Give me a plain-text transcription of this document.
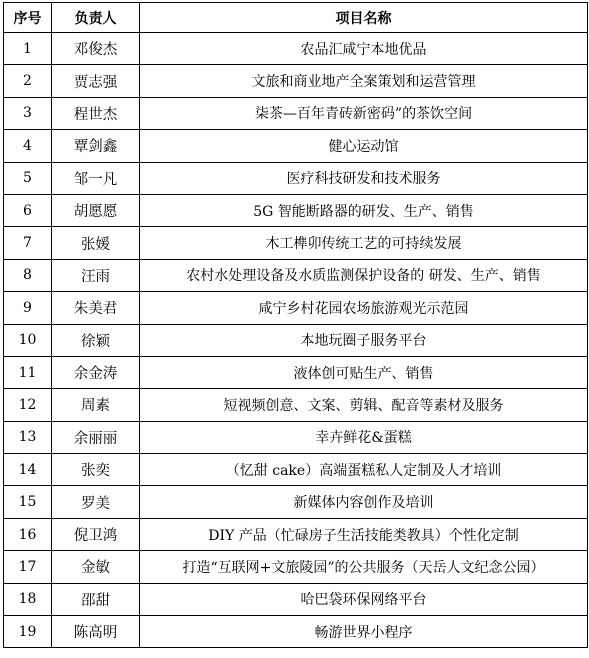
序号	负责人	项目名称
1	邓俊杰	农品汇咸宁本地优品
2	贾志强	文旅和商业地产全案策划和运营管理
3	程世杰	柒茶—百年青砖新密码”的茶饮空间
4	覃剑鑫	健心运动馆
5	邹一凡	医疗科技研发和技术服务
6	胡愿愿	5G 智能断路器的研发、生产、销售
7	张媛	木工榫卯传统工艺的可持续发展
8	汪雨	农村水处理设备及水质监测保护设备的 研发、生产、销售
9	朱美君	咸宁乡村花园农场旅游观光示范园
10	徐颖	本地玩圈子服务平台
11	余金涛	液体创可贴生产、销售
12	周素	短视频创意、文案、剪辑、配音等素材及服务
13	余丽丽	幸卉鲜花&蛋糕
14	张奕	（忆甜 cake）高端蛋糕私人定制及人才培训
15	罗美	新媒体内容创作及培训
16	倪卫鸿	DIY 产品（忙碌房子生活技能类教具）个性化定制
17	金敏	打造“互联网+文旅陵园”的公共服务（天岳人文纪念公园）
18	邵甜	哈巴袋环保网络平台
19	陈高明	畅游世界小程序
